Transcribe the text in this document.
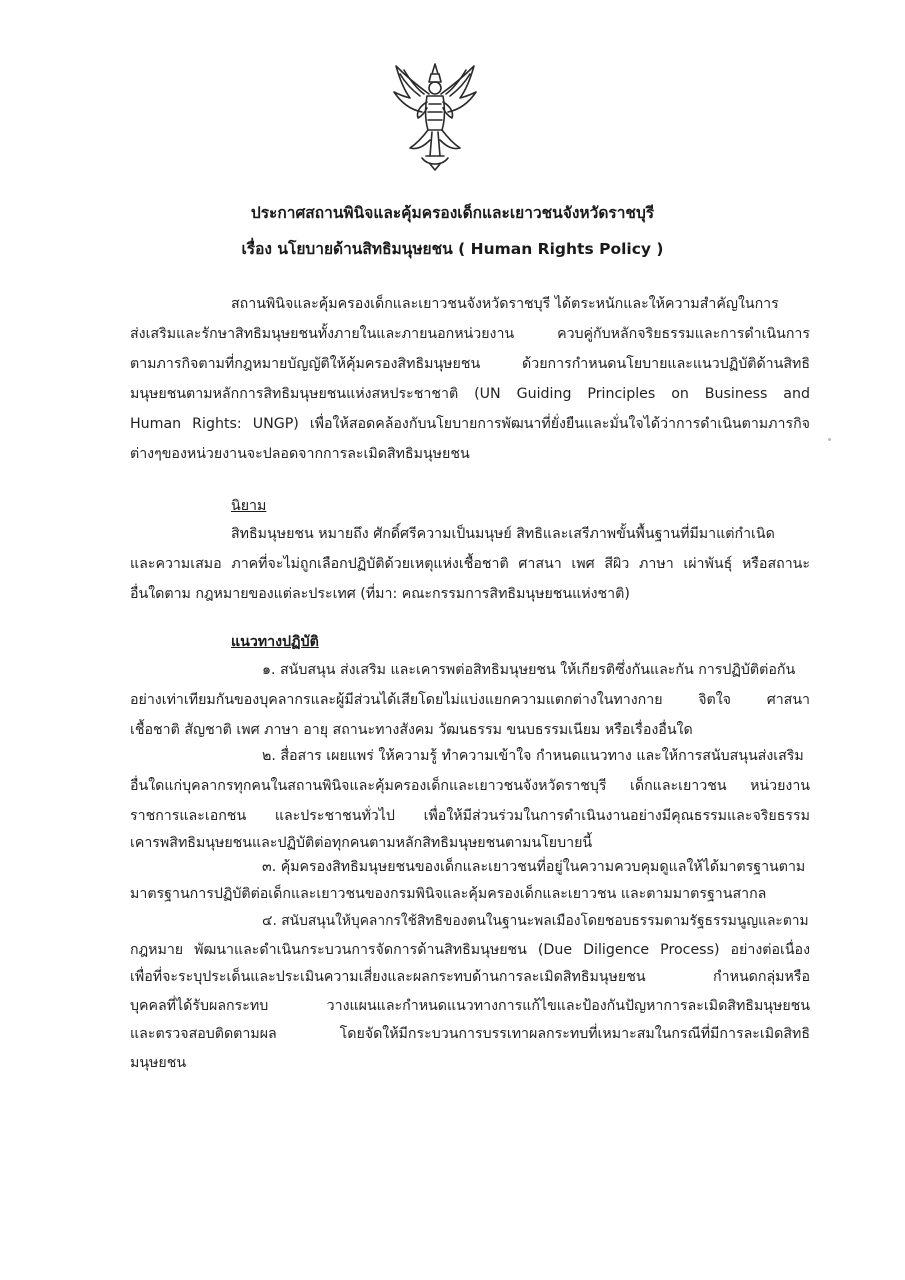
ประกาศสถานพินิจและคุ้มครองเด็กและเยาวชนจังหวัดราชบุรี
เรื่อง นโยบายด้านสิทธิมนุษยชน ( Human Rights Policy )
สถานพินิจและคุ้มครองเด็กและเยาวชนจังหวัดราชบุรี ได้ตระหนักและให้ความสำคัญในการ
ส่งเสริมและรักษาสิทธิมนุษยชนทั้งภายในและภายนอกหน่วยงาน ควบคู่กับหลักจริยธรรมและการดำเนินการ
ตามภารกิจตามที่กฎหมายบัญญัติให้คุ้มครองสิทธิมนุษยชน ด้วยการกำหนดนโยบายและแนวปฏิบัติด้านสิทธิ
มนุษยชนตามหลักการสิทธิมนุษยชนแห่งสหประชาชาติ (UN Guiding Principles on Business and
Human Rights: UNGP) เพื่อให้สอดคล้องกับนโยบายการพัฒนาที่ยั่งยืนและมั่นใจได้ว่าการดำเนินตามภารกิจ
ต่างๆของหน่วยงานจะปลอดจากการละเมิดสิทธิมนุษยชน
นิยาม
สิทธิมนุษยชน หมายถึง ศักดิ์ศรีความเป็นมนุษย์ สิทธิและเสรีภาพขั้นพื้นฐานที่มีมาแต่กำเนิด
และความเสมอ ภาคที่จะไม่ถูกเลือกปฏิบัติด้วยเหตุแห่งเชื้อชาติ ศาสนา เพศ สีผิว ภาษา เผ่าพันธุ์ หรือสถานะ
อื่นใดตาม กฎหมายของแต่ละประเทศ (ที่มา: คณะกรรมการสิทธิมนุษยชนแห่งชาติ)
แนวทางปฏิบัติ
๑. สนับสนุน ส่งเสริม และเคารพต่อสิทธิมนุษยชน ให้เกียรติซึ่งกันและกัน การปฏิบัติต่อกัน
อย่างเท่าเทียมกันของบุคลากรและผู้มีส่วนได้เสียโดยไม่แบ่งแยกความแตกต่างในทางกาย จิตใจ ศาสนา
เชื้อชาติ สัญชาติ เพศ ภาษา อายุ สถานะทางสังคม วัฒนธรรม ขนบธรรมเนียม หรือเรื่องอื่นใด
๒. สื่อสาร เผยแพร่ ให้ความรู้ ทำความเข้าใจ กำหนดแนวทาง และให้การสนับสนุนส่งเสริม
อื่นใดแก่บุคลากรทุกคนในสถานพินิจและคุ้มครองเด็กและเยาวชนจังหวัดราชบุรี เด็กและเยาวชน หน่วยงาน
ราชการและเอกชน และประชาชนทั่วไป เพื่อให้มีส่วนร่วมในการดำเนินงานอย่างมีคุณธรรมและจริยธรรม
เคารพสิทธิมนุษยชนและปฏิบัติต่อทุกคนตามหลักสิทธิมนุษยชนตามนโยบายนี้
๓. คุ้มครองสิทธิมนุษยชนของเด็กและเยาวชนที่อยู่ในความควบคุมดูแลให้ได้มาตรฐานตาม
มาตรฐานการปฏิบัติต่อเด็กและเยาวชนของกรมพินิจและคุ้มครองเด็กและเยาวชน และตามมาตรฐานสากล
๔. สนับสนุนให้บุคลากรใช้สิทธิของตนในฐานะพลเมืองโดยชอบธรรมตามรัฐธรรมนูญและตาม
กฎหมาย พัฒนาและดำเนินกระบวนการจัดการด้านสิทธิมนุษยชน (Due Diligence Process) อย่างต่อเนื่อง
เพื่อที่จะระบุประเด็นและประเมินความเสี่ยงและผลกระทบด้านการละเมิดสิทธิมนุษยชน กำหนดกลุ่มหรือ
บุคคลที่ได้รับผลกระทบ วางแผนและกำหนดแนวทางการแก้ไขและป้องกันปัญหาการละเมิดสิทธิมนุษยชน
และตรวจสอบติดตามผล โดยจัดให้มีกระบวนการบรรเทาผลกระทบที่เหมาะสมในกรณีที่มีการละเมิดสิทธิ
มนุษยชน
